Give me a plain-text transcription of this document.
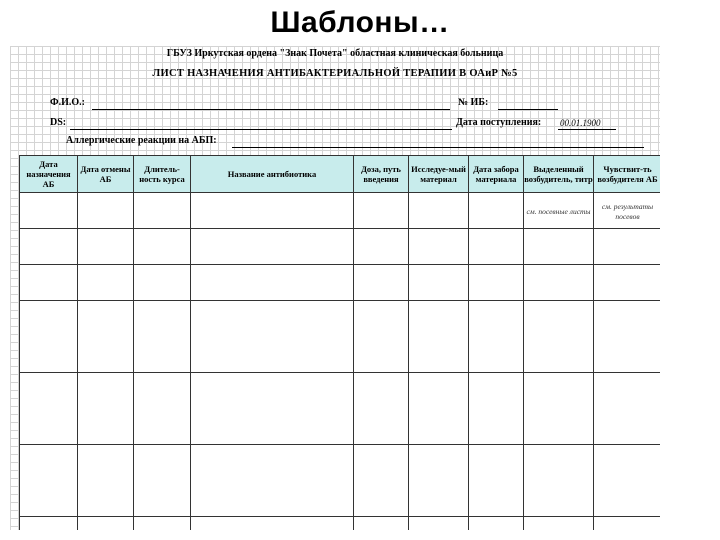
Шаблоны…
ГБУЗ Иркутская ордена "Знак Почета" областная клиническая больница
ЛИСТ НАЗНАЧЕНИЯ АНТИБАКТЕРИАЛЬНОЙ ТЕРАПИИ В ОАиР №5
Ф.И.О.:	№ ИБ:
DS:	Дата поступления: 00.01.1900
Аллергические реакции на АБП:
Дата назначения АБ	Дата отмены АБ	Длитель-ность курса	Название антибиотика	Доза, путь введения	Исследуе-мый материал	Дата забора материала	Выделенный возбудитель, титр	Чувствит-ть возбудителя АБ
							см. посевные листы	см. результаты посевов
